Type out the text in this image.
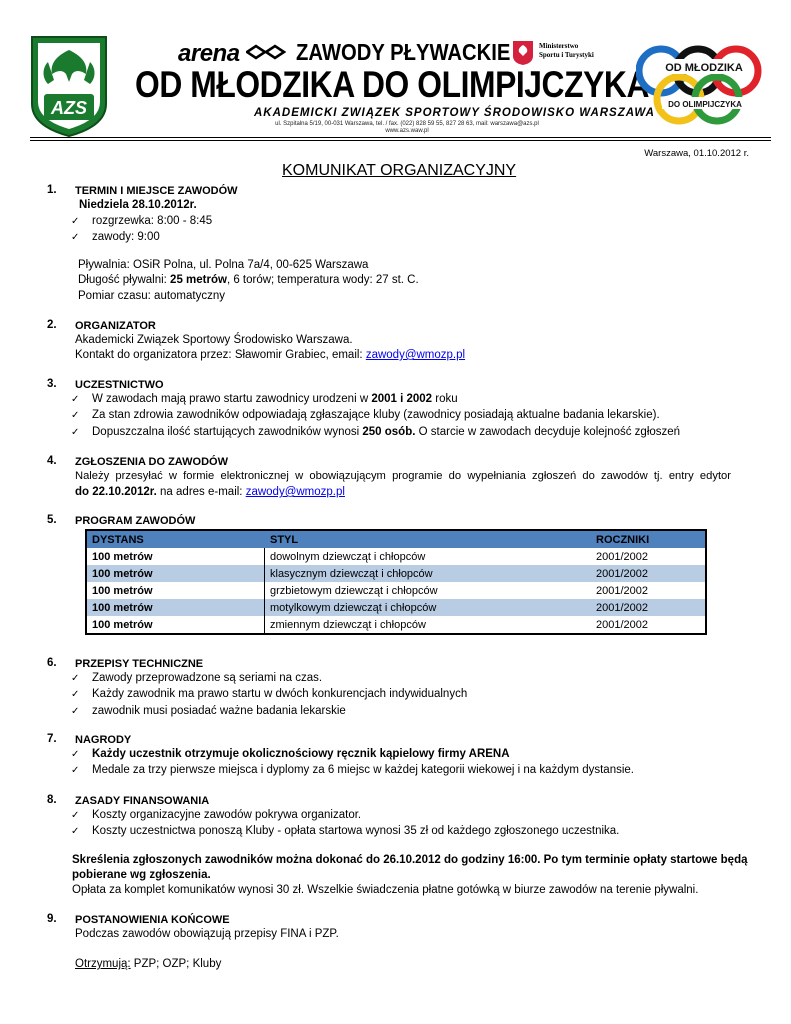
AZS
arena ZAWODY PŁYWACKIE	Ministerstwo
Sportu i Turystyki
OD MŁODZIKA DO OLIMPIJCZYKA
AKADEMICKI ZWIĄZEK SPORTOWY ŚRODOWISKO WARSZAWA
ul. Szpitalna 5/19, 00-031 Warszawa, tel. / fax. (022) 828 59 55, 827 28 63, mail: warszawa@azs.pl
www.azs.waw.pl
OD MŁODZIKA
DO OLIMPIJCZYKA
Warszawa, 01.10.2012 r.
KOMUNIKAT ORGANIZACYJNY
1. TERMIN I MIEJSCE ZAWODÓW
Niedziela 28.10.2012r.
✓ rozgrzewka: 8:00 - 8:45
✓ zawody: 9:00
Pływalnia: OSiR Polna, ul. Polna 7a/4, 00-625 Warszawa
Długość pływalni: 25 metrów, 6 torów; temperatura wody: 27 st. C.
Pomiar czasu: automatyczny
2. ORGANIZATOR
Akademicki Związek Sportowy Środowisko Warszawa.
Kontakt do organizatora przez: Sławomir Grabiec, email: zawody@wmozp.pl
3. UCZESTNICTWO
✓ W zawodach mają prawo startu zawodnicy urodzeni w 2001 i 2002 roku
✓ Za stan zdrowia zawodników odpowiadają zgłaszające kluby (zawodnicy posiadają aktualne badania lekarskie).
✓ Dopuszczalna ilość startujących zawodników wynosi 250 osób. O starcie w zawodach decyduje kolejność zgłoszeń
4. ZGŁOSZENIA DO ZAWODÓW
Należy  przesyłać  w  formie  elektronicznej  w  obowiązującym  programie  do  wypełniania  zgłoszeń  do  zawodów  tj.  entry  edytor
do 22.10.2012r. na adres e-mail: zawody@wmozp.pl
5. PROGRAM ZAWODÓW
DYSTANS	STYL	ROCZNIKI
100 metrów	dowolnym dziewcząt i chłopców	2001/2002
100 metrów	klasycznym dziewcząt i chłopców	2001/2002
100 metrów	grzbietowym dziewcząt i chłopców	2001/2002
100 metrów	motylkowym dziewcząt i chłopców	2001/2002
100 metrów	zmiennym dziewcząt i chłopców	2001/2002
6. PRZEPISY TECHNICZNE
✓ Zawody przeprowadzone są seriami na czas.
✓ Każdy zawodnik ma prawo startu w dwóch konkurencjach indywidualnych
✓ zawodnik musi posiadać ważne badania lekarskie
7. NAGRODY
✓ Każdy uczestnik otrzymuje okolicznościowy ręcznik kąpielowy firmy ARENA
✓ Medale za trzy pierwsze miejsca i dyplomy za 6 miejsc w każdej kategorii wiekowej i na każdym dystansie.
8. ZASADY FINANSOWANIA
✓ Koszty organizacyjne zawodów pokrywa organizator.
✓ Koszty uczestnictwa ponoszą Kluby - opłata startowa wynosi 35 zł od każdego zgłoszonego uczestnika.
Skreślenia zgłoszonych zawodników można dokonać do 26.10.2012 do godziny 16:00. Po tym terminie opłaty startowe będą
pobierane wg zgłoszenia.
Opłata za komplet komunikatów wynosi 30 zł. Wszelkie świadczenia płatne gotówką w biurze zawodów na terenie pływalni.
9. POSTANOWIENIA KOŃCOWE
Podczas zawodów obowiązują przepisy FINA i PZP.
Otrzymują: PZP; OZP; Kluby
